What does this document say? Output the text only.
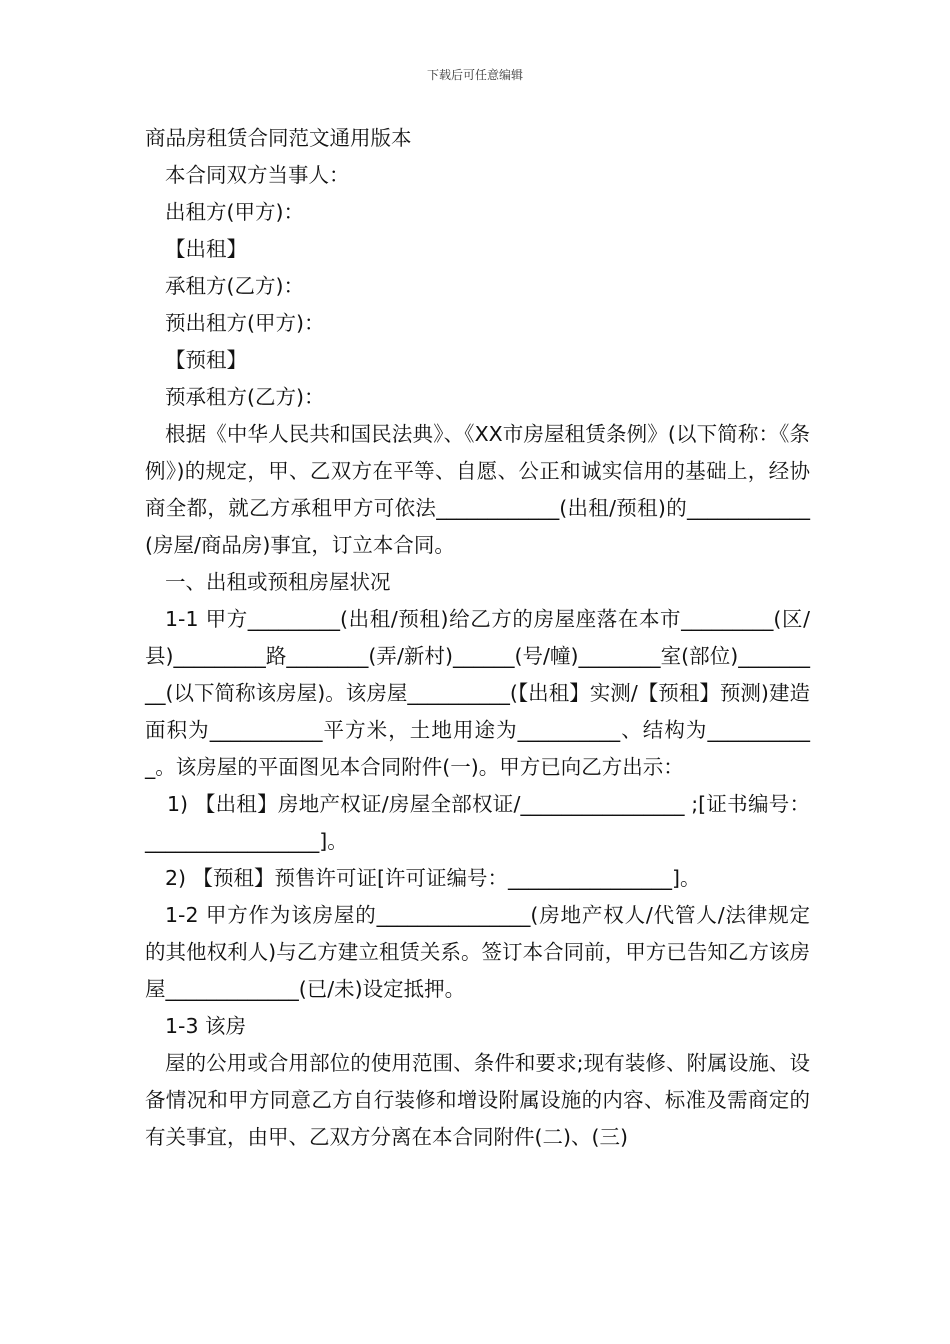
下载后可任意编辑
商品房租赁合同范文通用版本
本合同双方当事人：
出租方(甲方)：
【出租】
承租方(乙方)：
预出租方(甲方)：
【预租】
预承租方(乙方)：
根据《中华人民共和国民法典》、《XX市房屋租赁条例》(以下简称：《条例》)的规定，甲、乙双方在平等、自愿、公正和诚实信用的基础上，经协商全都，就乙方承租甲方可依法____________(出租/预租)的____________(房屋/商品房)事宜，订立本合同。
一、出租或预租房屋状况
1-1 甲方_________(出租/预租)给乙方的房屋座落在本市_________(区/县)_________路________(弄/新村)______(号/幢)________室(部位)_________(以下简称该房屋)。该房屋__________(【出租】实测/【预租】预测)建造面积为___________平方米，土地用途为__________、结构为___________。该房屋的平面图见本合同附件(一)。甲方已向乙方出示：
1) 【出租】房地产权证/房屋全部权证/________________ ;[证书编号：_________________]。
2) 【预租】预售许可证[许可证编号：________________]。
1-2 甲方作为该房屋的_______________(房地产权人/代管人/法律规定的其他权利人)与乙方建立租赁关系。签订本合同前，甲方已告知乙方该房屋_____________(已/未)设定抵押。
1-3 该房
屋的公用或合用部位的使用范围、条件和要求;现有装修、附属设施、设备情况和甲方同意乙方自行装修和增设附属设施的内容、标准及需商定的有关事宜，由甲、乙双方分离在本合同附件(二)、(三)
